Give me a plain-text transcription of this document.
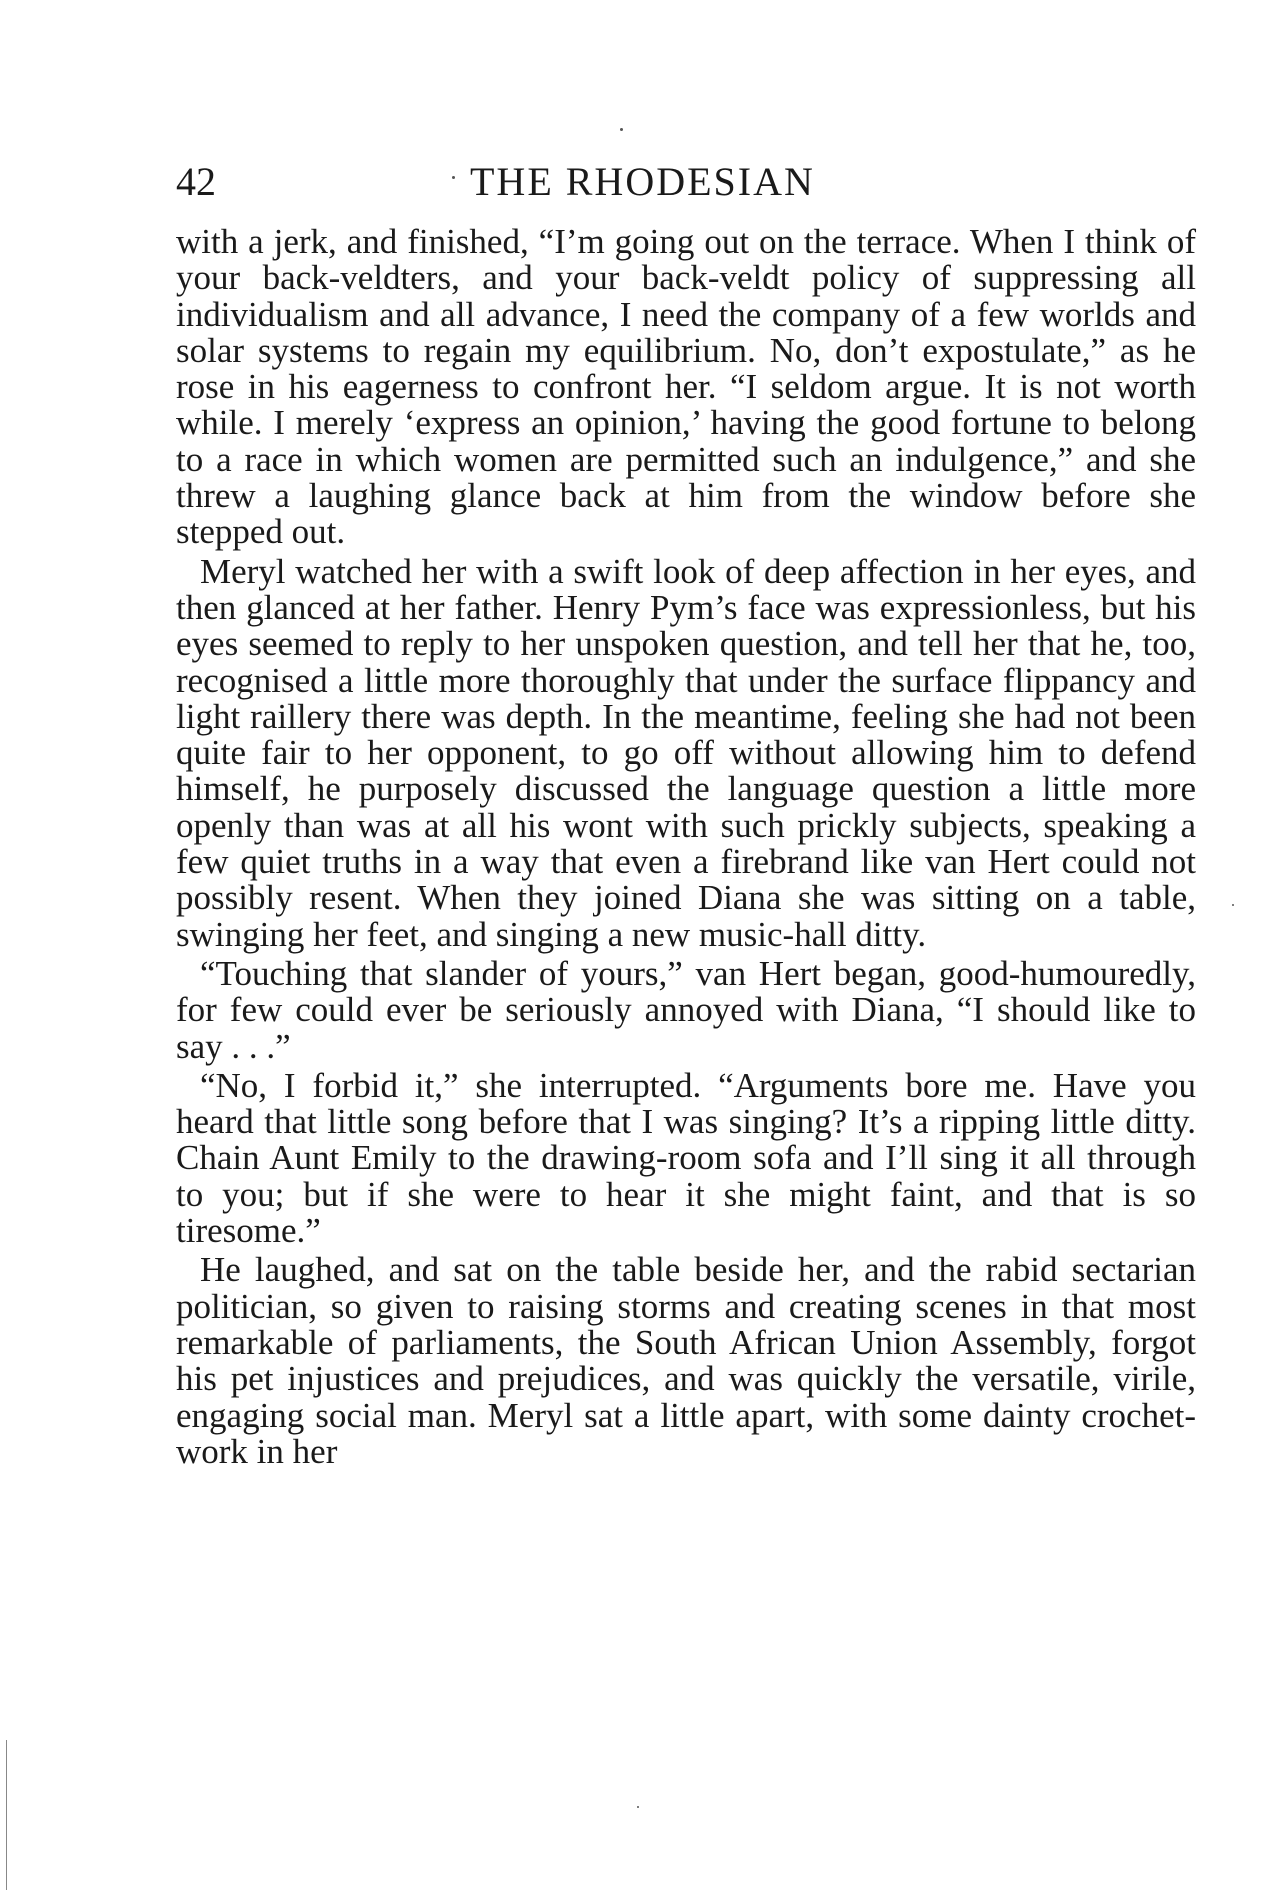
42	THE RHODESIAN

with a jerk, and finished, “I’m going out on the terrace. When I think of your back-veldters, and your back-veldt policy of suppressing all individualism and all advance, I need the company of a few worlds and solar systems to regain my equilibrium. No, don’t expostulate,” as he rose in his eagerness to confront her. “I seldom argue. It is not worth while. I merely ‘express an opinion,’ having the good fortune to belong to a race in which women are permitted such an indulgence,” and she threw a laughing glance back at him from the window before she stepped out.

Meryl watched her with a swift look of deep affection in her eyes, and then glanced at her father. Henry Pym’s face was expressionless, but his eyes seemed to reply to her unspoken question, and tell her that he, too, recognised a little more thoroughly that under the surface flippancy and light raillery there was depth. In the meantime, feeling she had not been quite fair to her opponent, to go off without allowing him to defend himself, he purposely discussed the language question a little more openly than was at all his wont with such prickly subjects, speaking a few quiet truths in a way that even a firebrand like van Hert could not possibly resent. When they joined Diana she was sitting on a table, swinging her feet, and singing a new music-hall ditty.

“Touching that slander of yours,” van Hert began, good-humouredly, for few could ever be seriously annoyed with Diana, “I should like to say . . .”

“No, I forbid it,” she interrupted. “Arguments bore me. Have you heard that little song before that I was singing? It’s a ripping little ditty. Chain Aunt Emily to the drawing-room sofa and I’ll sing it all through to you; but if she were to hear it she might faint, and that is so tiresome.”

He laughed, and sat on the table beside her, and the rabid sectarian politician, so given to raising storms and creating scenes in that most remarkable of parliaments, the South African Union Assembly, forgot his pet injustices and prejudices, and was quickly the versatile, virile, engaging social man. Meryl sat a little apart, with some dainty crochet-work in her
